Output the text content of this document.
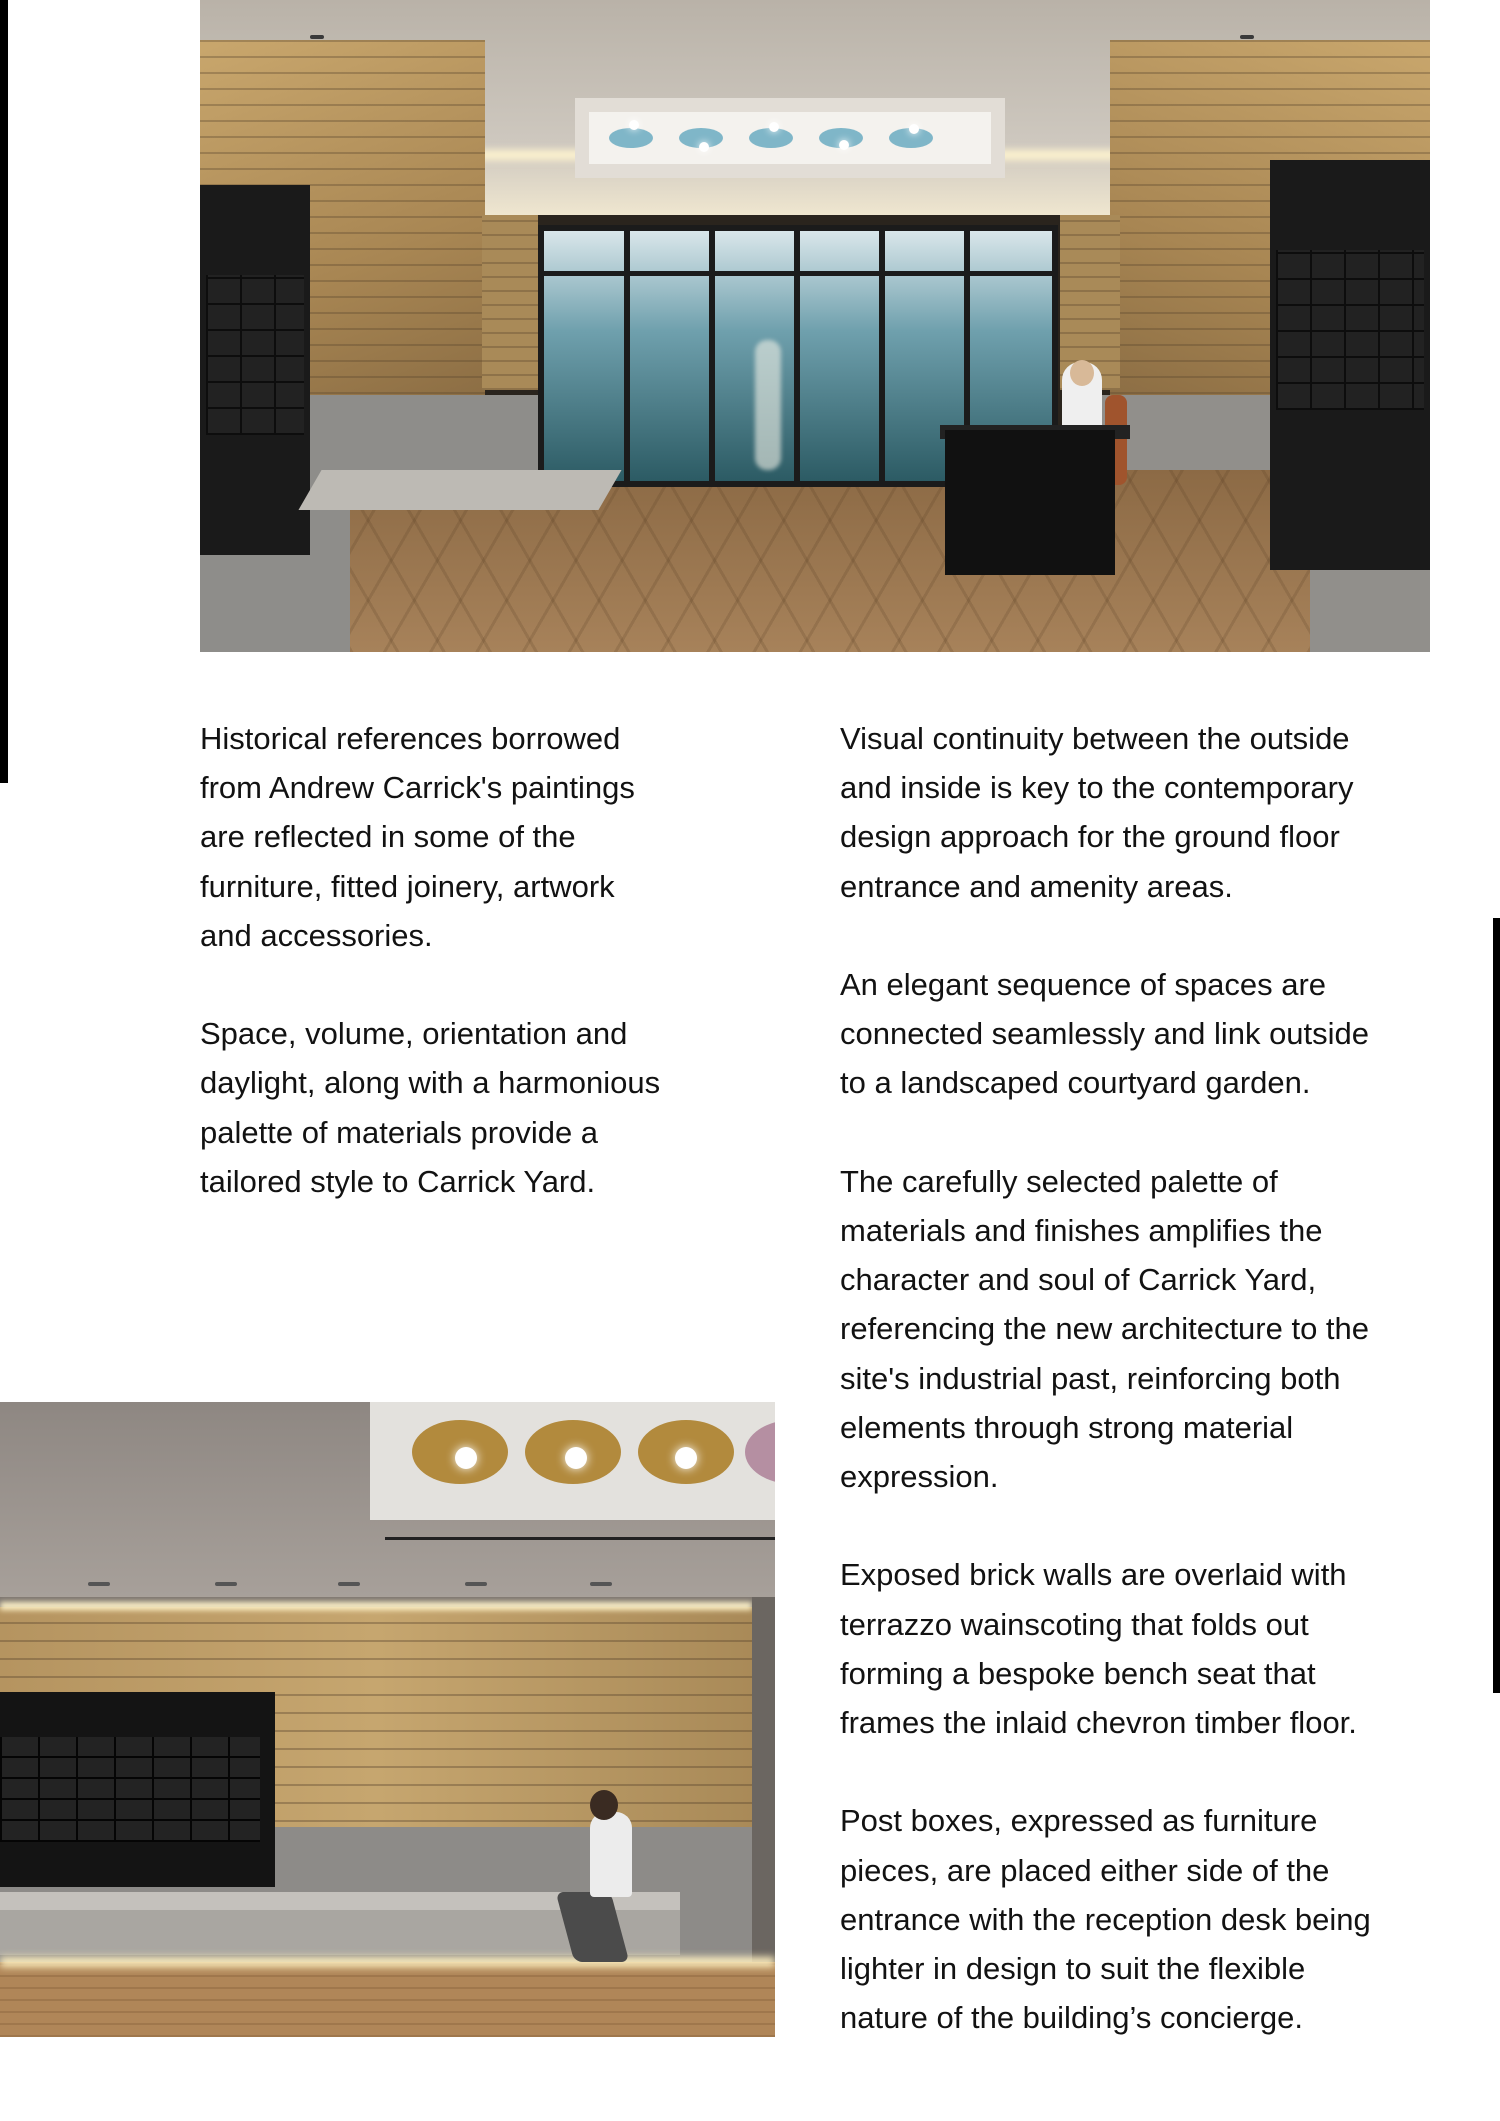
Historical references borrowed
from Andrew Carrick's paintings
are reflected in some of the
furniture, fitted joinery, artwork
and accessories.

Space, volume, orientation and
daylight, along with a harmonious
palette of materials provide a
tailored style to Carrick Yard.

Visual continuity between the outside
and inside is key to the contemporary
design approach for the ground floor
entrance and amenity areas.

An elegant sequence of spaces are
connected seamlessly and link outside
to a landscaped courtyard garden.

The carefully selected palette of
materials and finishes amplifies the
character and soul of Carrick Yard,
referencing the new architecture to the
site's industrial past, reinforcing both
elements through strong material
expression.

Exposed brick walls are overlaid with
terrazzo wainscoting that folds out
forming a bespoke bench seat that
frames the inlaid chevron timber floor.

Post boxes, expressed as furniture
pieces, are placed either side of the
entrance with the reception desk being
lighter in design to suit the flexible
nature of the building’s concierge.
